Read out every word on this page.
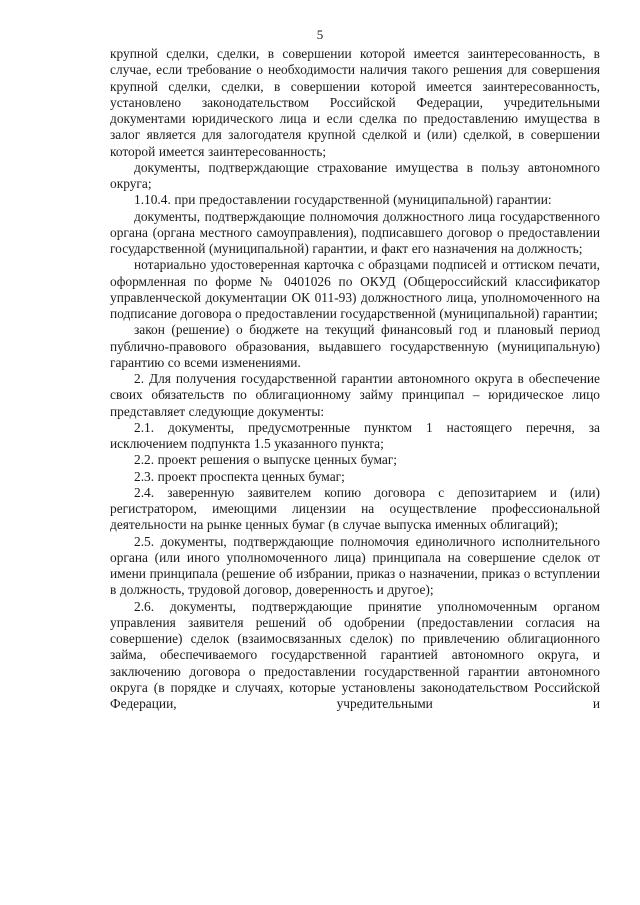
5

крупной сделки, сделки, в совершении которой имеется заинтересованность, в случае, если требование о необходимости наличия такого решения для совершения крупной сделки, сделки, в совершении которой имеется заинтересованность, установлено законодательством Российской Федерации, учредительными документами юридического лица и если сделка по предоставлению имущества в залог является для залогодателя крупной сделкой и (или) сделкой, в совершении которой имеется заинтересованность;

документы, подтверждающие страхование имущества в пользу автономного округа;

1.10.4. при предоставлении государственной (муниципальной) гарантии:

документы, подтверждающие полномочия должностного лица государственного органа (органа местного самоуправления), подписавшего договор о предоставлении государственной (муниципальной) гарантии, и факт его назначения на должность;

нотариально удостоверенная карточка с образцами подписей и оттиском печати, оформленная по форме № 0401026 по ОКУД (Общероссийский классификатор управленческой документации ОК 011-93) должностного лица, уполномоченного на подписание договора о предоставлении государственной (муниципальной) гарантии;

закон (решение) о бюджете на текущий финансовый год и плановый период публично-правового образования, выдавшего государственную (муниципальную) гарантию со всеми изменениями.

2. Для получения государственной гарантии автономного округа в обеспечение своих обязательств по облигационному займу принципал – юридическое лицо представляет следующие документы:

2.1. документы, предусмотренные пунктом 1 настоящего перечня, за исключением подпункта 1.5 указанного пункта;

2.2. проект решения о выпуске ценных бумаг;

2.3. проект проспекта ценных бумаг;

2.4. заверенную заявителем копию договора с депозитарием и (или) регистратором, имеющими лицензии на осуществление профессиональной деятельности на рынке ценных бумаг (в случае выпуска именных облигаций);

2.5. документы, подтверждающие полномочия единоличного исполнительного органа (или иного уполномоченного лица) принципала на совершение сделок от имени принципала (решение об избрании, приказ о назначении, приказ о вступлении в должность, трудовой договор, доверенность и другое);

2.6. документы, подтверждающие принятие уполномоченным органом управления заявителя решений об одобрении (предоставлении согласия на совершение) сделок (взаимосвязанных сделок) по привлечению облигационного займа, обеспечиваемого государственной гарантией автономного округа, и заключению договора о предоставлении государственной гарантии автономного округа (в порядке и случаях, которые установлены законодательством Российской Федерации, учредительными и
